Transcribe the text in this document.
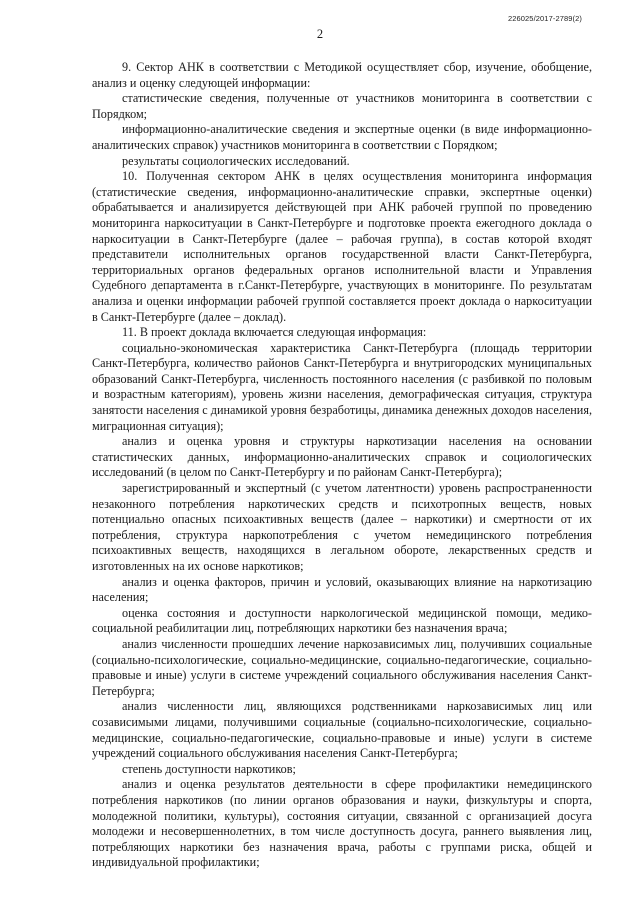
226025/2017-2789(2)
2

9. Сектор АНК в соответствии с Методикой осуществляет сбор, изучение, обобщение, анализ и оценку следующей информации:

статистические сведения, полученные от участников мониторинга в соответствии с Порядком;

информационно-аналитические сведения и экспертные оценки (в виде информационно-аналитических справок) участников мониторинга в соответствии с Порядком;

результаты социологических исследований.

10. Полученная сектором АНК в целях осуществления мониторинга информация (статистические сведения, информационно-аналитические справки, экспертные оценки) обрабатывается и анализируется действующей при АНК рабочей группой по проведению мониторинга наркоситуации в Санкт-Петербурге и подготовке проекта ежегодного доклада о наркоситуации в Санкт-Петербурге (далее – рабочая группа), в состав которой входят представители исполнительных органов государственной власти Санкт-Петербурга, территориальных органов федеральных органов исполнительной власти и Управления Судебного департамента в г.Санкт-Петербурге, участвующих в мониторинге. По результатам анализа и оценки информации рабочей группой составляется проект доклада о наркоситуации в Санкт-Петербурге (далее – доклад).

11. В проект доклада включается следующая информация:

социально-экономическая характеристика Санкт-Петербурга (площадь территории Санкт-Петербурга, количество районов Санкт-Петербурга и внутригородских муниципальных образований Санкт-Петербурга, численность постоянного населения (с разбивкой по половым и возрастным категориям), уровень жизни населения, демографическая ситуация, структура занятости населения с динамикой уровня безработицы, динамика денежных доходов населения, миграционная ситуация);

анализ и оценка уровня и структуры наркотизации населения на основании статистических данных, информационно-аналитических справок и социологических исследований (в целом по Санкт-Петербургу и по районам Санкт-Петербурга);

зарегистрированный и экспертный (с учетом латентности) уровень распространенности незаконного потребления наркотических средств и психотропных веществ, новых потенциально опасных психоактивных веществ (далее – наркотики) и смертности от их потребления, структура наркопотребления с учетом немедицинского потребления психоактивных веществ, находящихся в легальном обороте, лекарственных средств и изготовленных на их основе наркотиков;

анализ и оценка факторов, причин и условий, оказывающих влияние на наркотизацию населения;

оценка состояния и доступности наркологической медицинской помощи, медико-социальной реабилитации лиц, потребляющих наркотики без назначения врача;

анализ численности прошедших лечение наркозависимых лиц, получивших социальные (социально-психологические, социально-медицинские, социально-педагогические, социально-правовые и иные) услуги в системе учреждений социального обслуживания населения Санкт-Петербурга;

анализ численности лиц, являющихся родственниками наркозависимых лиц или созависимыми лицами, получившими социальные (социально-психологические, социально-медицинские, социально-педагогические, социально-правовые и иные) услуги в системе учреждений социального обслуживания населения Санкт-Петербурга;

степень доступности наркотиков;

анализ и оценка результатов деятельности в сфере профилактики немедицинского потребления наркотиков (по линии органов образования и науки, физкультуры и спорта, молодежной политики, культуры), состояния ситуации, связанной с организацией досуга молодежи и несовершеннолетних, в том числе доступность досуга, раннего выявления лиц, потребляющих наркотики без назначения врача, работы с группами риска, общей и индивидуальной профилактики;
